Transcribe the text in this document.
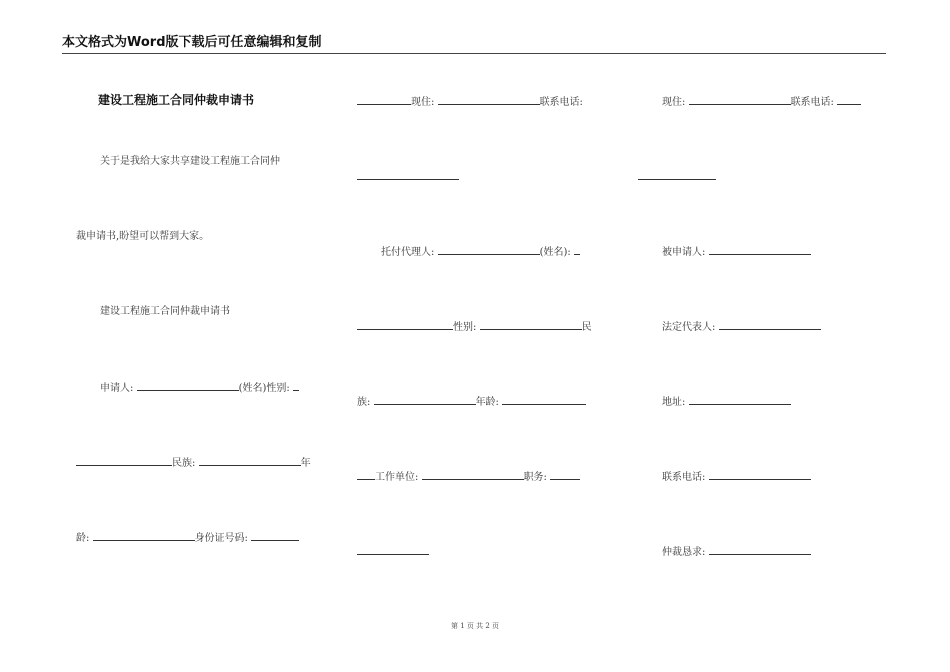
本文格式为Word版下载后可任意编辑和复制
建设工程施工合同仲裁申请书
关于是我给大家共享建设工程施工合同仲
裁申请书,盼望可以帮到大家。
建设工程施工合同仲裁申请书
申请人:	(姓名)性别:
民族:	年
龄:	身份证号码:
现住:	联系电话:
托付代理人:	(姓名):
性别:	民
族:	年龄:
工作单位:	职务:
现住:	联系电话:
被申请人:
法定代表人:
地址:
联系电话:
仲裁恳求:
第 1 页 共 2 页
